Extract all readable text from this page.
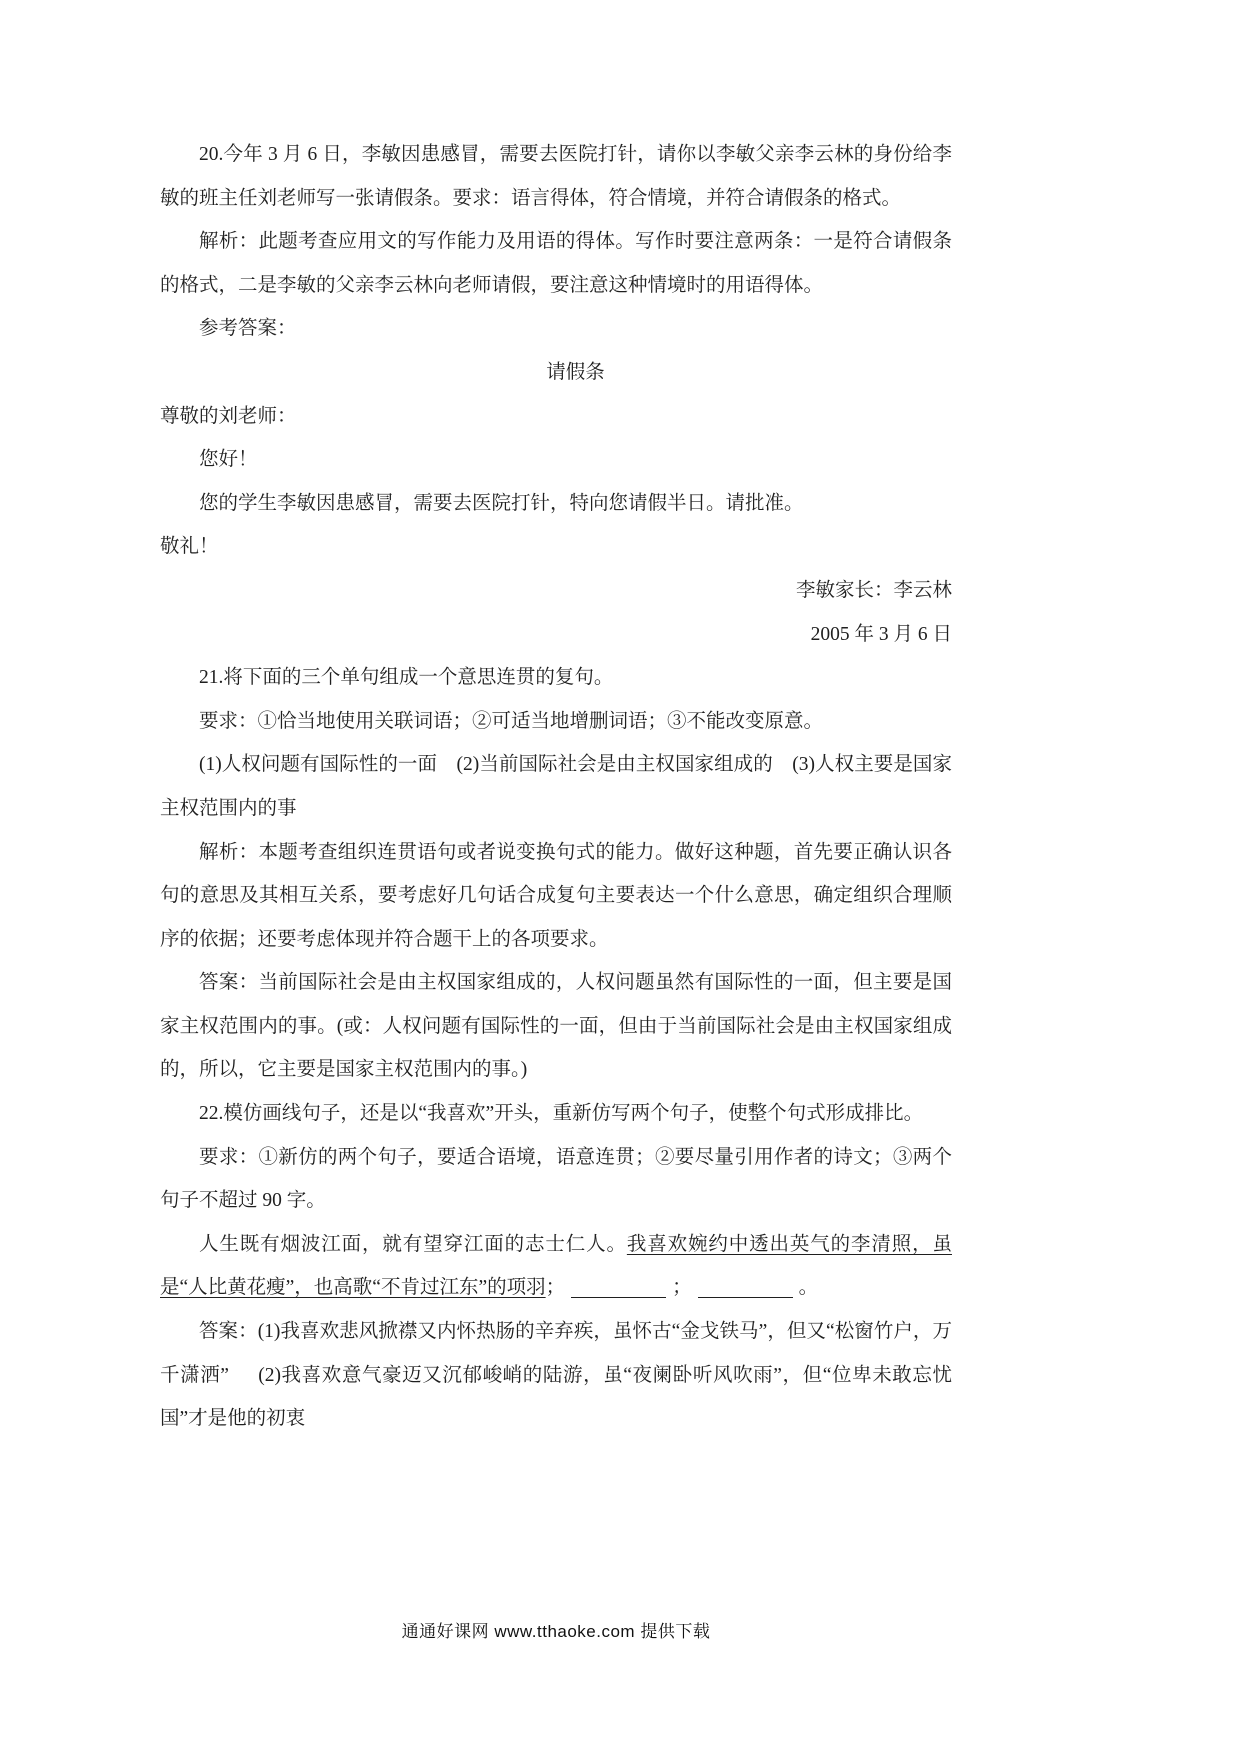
20.今年 3 月 6 日，李敏因患感冒，需要去医院打针，请你以李敏父亲李云林的身份给李敏的班主任刘老师写一张请假条。要求：语言得体，符合情境，并符合请假条的格式。

解析：此题考查应用文的写作能力及用语的得体。写作时要注意两条：一是符合请假条的格式，二是李敏的父亲李云林向老师请假，要注意这种情境时的用语得体。

参考答案：

请假条

尊敬的刘老师：

您好！

您的学生李敏因患感冒，需要去医院打针，特向您请假半日。请批准。

敬礼！

李敏家长：李云林

2005 年 3 月 6 日

21.将下面的三个单句组成一个意思连贯的复句。

要求：①恰当地使用关联词语；②可适当地增删词语；③不能改变原意。

(1)人权问题有国际性的一面 (2)当前国际社会是由主权国家组成的 (3)人权主要是国家主权范围内的事

解析：本题考查组织连贯语句或者说变换句式的能力。做好这种题，首先要正确认识各句的意思及其相互关系，要考虑好几句话合成复句主要表达一个什么意思，确定组织合理顺序的依据；还要考虑体现并符合题干上的各项要求。

答案：当前国际社会是由主权国家组成的，人权问题虽然有国际性的一面，但主要是国家主权范围内的事。(或：人权问题有国际性的一面，但由于当前国际社会是由主权国家组成的，所以，它主要是国家主权范围内的事。)

22.模仿画线句子，还是以“我喜欢”开头，重新仿写两个句子，使整个句式形成排比。

要求：①新仿的两个句子，要适合语境，语意连贯；②要尽量引用作者的诗文；③两个句子不超过 90 字。

人生既有烟波江面，就有望穿江面的志士仁人。我喜欢婉约中透出英气的李清照，虽是“人比黄花瘦”，也高歌“不肯过江东”的项羽；	；	。

答案：(1)我喜欢悲风掀襟又内怀热肠的辛弃疾，虽怀古“金戈铁马”，但又“松窗竹户，万千潇洒” (2)我喜欢意气豪迈又沉郁峻峭的陆游，虽“夜阑卧听风吹雨”，但“位卑未敢忘忧国”才是他的初衷

通通好课网 www.tthaoke.com 提供下载
